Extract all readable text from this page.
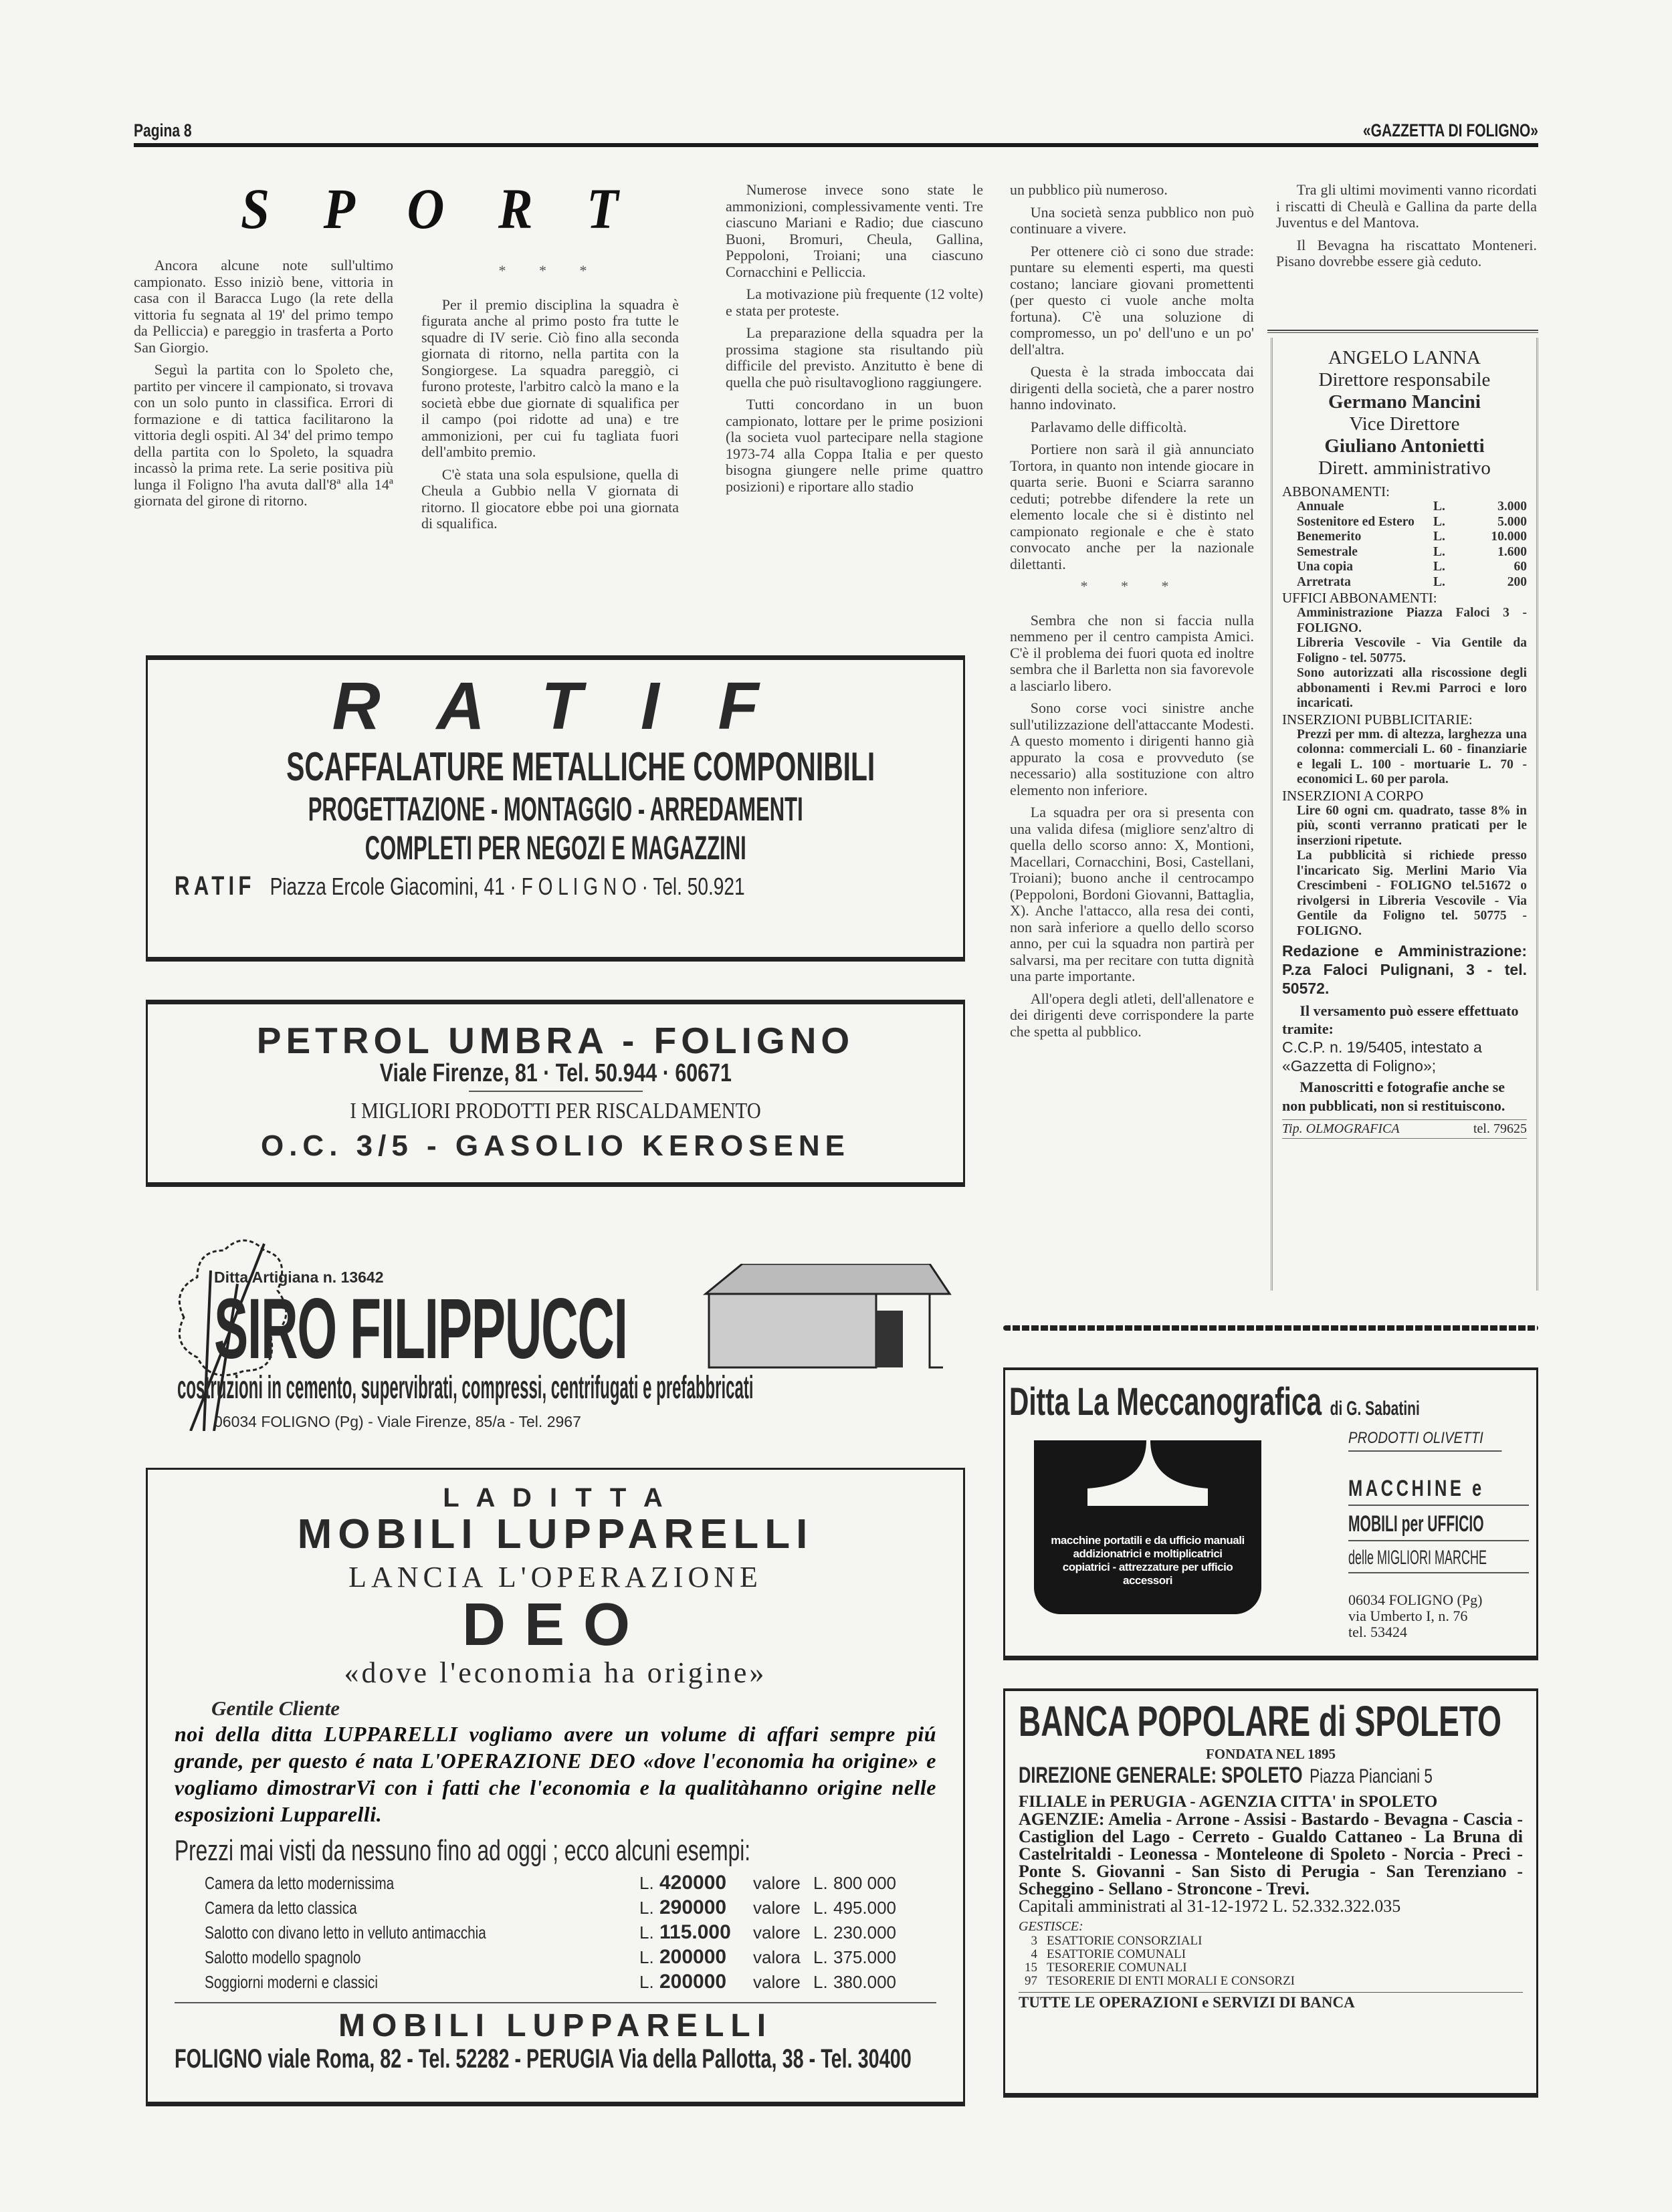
Pagina 8	«GAZZETTA DI FOLIGNO»
S P O R T

Ancora alcune note sull'ultimo campionato. Esso iniziò bene, vittoria in casa con il Baracca Lugo (la rete della vittoria fu segnata al 19' del primo tempo da Pelliccia) e pareggio in trasferta a Porto San Giorgio.

Seguì la partita con lo Spoleto che, partito per vincere il campionato, si trovava con un solo punto in classifica. Errori di formazione e di tattica facilitarono la vittoria degli ospiti. Al 34' del primo tempo della partita con lo Spoleto, la squadra incassò la prima rete. La serie positiva più lunga il Foligno l'ha avuta dall'8ª alla 14ª giornata del girone di ritorno.

* * *

Per il premio disciplina la squadra è figurata anche al primo posto fra tutte le squadre di IV serie. Ciò fino alla seconda giornata di ritorno, nella partita con la Songiorgese. La squadra pareggiò, ci furono proteste, l'arbitro calcò la mano e la società ebbe due giornate di squalifica per il campo (poi ridotte ad una) e tre ammonizioni, per cui fu tagliata fuori dell'ambito premio.

C'è stata una sola espulsione, quella di Cheula a Gubbio nella V giornata di ritorno. Il giocatore ebbe poi una giornata di squalifica.

Numerose invece sono state le ammonizioni, complessivamente venti. Tre ciascuno Mariani e Radio; due ciascuno Buoni, Bromuri, Cheula, Gallina, Peppoloni, Troiani; una ciascuno Cornacchini e Pelliccia.

La motivazione più frequente (12 volte) e stata per proteste.

La preparazione della squadra per la prossima stagione sta risultando più difficile del previsto. Anzitutto è bene di quella che può risultavogliono raggiungere.

Tutti concordano in un buon campionato, lottare per le prime posizioni (la societa vuol partecipare nella stagione 1973-74 alla Coppa Italia e per questo bisogna giungere nelle prime quattro posizioni) e riportare allo stadio

un pubblico più numeroso.

Una società senza pubblico non può continuare a vivere.

Per ottenere ciò ci sono due strade: puntare su elementi esperti, ma questi costano; lanciare giovani promettenti (per questo ci vuole anche molta fortuna). C'è una soluzione di compromesso, un po' dell'uno e un po' dell'altra.

Questa è la strada imboccata dai dirigenti della società, che a parer nostro hanno indovinato.

Parlavamo delle difficoltà.

Portiere non sarà il già annunciato Tortora, in quanto non intende giocare in quarta serie. Buoni e Sciarra saranno ceduti; potrebbe difendere la rete un elemento locale che si è distinto nel campionato regionale e che è stato convocato anche per la nazionale dilettanti.

* * *

Sembra che non si faccia nulla nemmeno per il centro campista Amici. C'è il problema dei fuori quota ed inoltre sembra che il Barletta non sia favorevole a lasciarlo libero.

Sono corse voci sinistre anche sull'utilizzazione dell'attaccante Modesti. A questo momento i dirigenti hanno già appurato la cosa e provveduto (se necessario) alla sostituzione con altro elemento non inferiore.

La squadra per ora si presenta con una valida difesa (migliore senz'altro di quella dello scorso anno: X, Montioni, Macellari, Cornacchini, Bosi, Castellani, Troiani); buono anche il centrocampo (Peppoloni, Bordoni Giovanni, Battaglia, X). Anche l'attacco, alla resa dei conti, non sarà inferiore a quello dello scorso anno, per cui la squadra non partirà per salvarsi, ma per recitare con tutta dignità una parte importante.

All'opera degli atleti, dell'allenatore e dei dirigenti deve corrispondere la parte che spetta al pubblico.

Tra gli ultimi movimenti vanno ricordati i riscatti di Cheulà e Gallina da parte della Juventus e del Mantova.

Il Bevagna ha riscattato Monteneri. Pisano dovrebbe essere già ceduto.

ANGELO LANNA
Direttore responsabile
Germano Mancini
Vice Direttore
Giuliano Antonietti
Dirett. amministrativo
ABBONAMENTI:
Annuale	L.	3.000
Sostenitore ed Estero	L.	5.000
Benemerito	L.	10.000
Semestrale	L.	1.600
Una copia	L.	60
Arretrata	L.	200
UFFICI ABBONAMENTI:
Amministrazione Piazza Faloci 3 - FOLIGNO.
Libreria Vescovile - Via Gentile da Foligno - tel. 50775.
Sono autorizzati alla riscossione degli abbonamenti i Rev.mi Parroci e loro incaricati.
INSERZIONI PUBBLICITARIE:
Prezzi per mm. di altezza, larghezza una colonna: commerciali L. 60 - finanziarie e legali L. 100 - mortuarie L. 70 - economici L. 60 per parola.
INSERZIONI A CORPO
Lire 60 ogni cm. quadrato, tasse 8% in più, sconti verranno praticati per le inserzioni ripetute.
La pubblicità si richiede presso l'incaricato Sig. Merlini Mario Via Crescimbeni - FOLIGNO tel.51672 o rivolgersi in Libreria Vescovile - Via Gentile da Foligno tel. 50775 - FOLIGNO.
Redazione e Amministrazione: P.za Faloci Pulignani, 3 - tel. 50572.
Il versamento può essere effettuato tramite:
C.C.P. n. 19/5405, intestato a «Gazzetta di Foligno»;
Manoscritti e fotografie anche se non pubblicati, non si restituiscono.
Tip. OLMOGRAFICA	tel. 79625
R A T I F
SCAFFALATURE METALLICHE COMPONIBILI
PROGETTAZIONE - MONTAGGIO - ARREDAMENTI
COMPLETI PER NEGOZI E MAGAZZINI
RATIF Piazza Ercole Giacomini, 41 · F O L I G N O · Tel. 50.921
PETROL UMBRA - FOLIGNO
Viale Firenze, 81 · Tel. 50.944 · 60671
I MIGLIORI PRODOTTI PER RISCALDAMENTO
O.C. 3/5 - GASOLIO KEROSENE
Ditta Artigiana n. 13642
SIRO FILIPPUCCI
costruzioni in cemento, supervibrati, compressi, centrifugati e prefabbricati
06034 FOLIGNO (Pg) - Viale Firenze, 85/a - Tel. 2967
L A D I T T A
MOBILI LUPPARELLI
LANCIA L'OPERAZIONE
DEO
«dove l'economia ha origine»
Gentile Cliente
noi della ditta LUPPARELLI vogliamo avere un volume di affari sempre piú grande, per questo é nata L'OPERAZIONE DEO «dove l'economia ha origine» e vogliamo dimostrarVi con i fatti che l'economia e la qualitàhanno origine nelle esposizioni Lupparelli.
Prezzi mai visti da nessuno fino ad oggi ; ecco alcuni esempi:
Camera da letto modernissima	L. 420000	valore L. 800 000
Camera da letto classica	L. 290000	valore L. 495.000
Salotto con divano letto in velluto antimacchia	L. 115.000	valore L. 230.000
Salotto modello spagnolo	L. 200000	valora L. 375.000
Soggiorni moderni e classici	L. 200000	valore L. 380.000
MOBILI LUPPARELLI
FOLIGNO viale Roma, 82 - Tel. 52282 - PERUGIA Via della Pallotta, 38 - Tel. 30400
Ditta La Meccanografica di G. Sabatini
macchine portatili e da ufficio manuali
addizionatrici e moltiplicatrici
copiatrici - attrezzature per ufficio
accessori
PRODOTTI OLIVETTI
MACCHINE e
MOBILI per UFFICIO
delle MIGLIORI MARCHE
06034 FOLIGNO (Pg)
via Umberto I, n. 76
tel. 53424
BANCA POPOLARE di SPOLETO
FONDATA NEL 1895
DIREZIONE GENERALE: SPOLETO Piazza Pianciani 5
FILIALE in PERUGIA - AGENZIA CITTA' in SPOLETO
AGENZIE: Amelia - Arrone - Assisi - Bastardo - Bevagna - Cascia - Castiglion del Lago - Cerreto - Gualdo Cattaneo - La Bruna di Castelritaldi - Leonessa - Monteleone di Spoleto - Norcia - Preci - Ponte S. Giovanni - San Sisto di Perugia - San Terenziano - Scheggino - Sellano - Stroncone - Trevi.
Capitali amministrati al 31-12-1972 L. 52.332.322.035
GESTISCE:
3 ESATTORIE CONSORZIALI
4 ESATTORIE COMUNALI
15 TESORERIE COMUNALI
97 TESORERIE DI ENTI MORALI E CONSORZI
TUTTE LE OPERAZIONI e SERVIZI DI BANCA
